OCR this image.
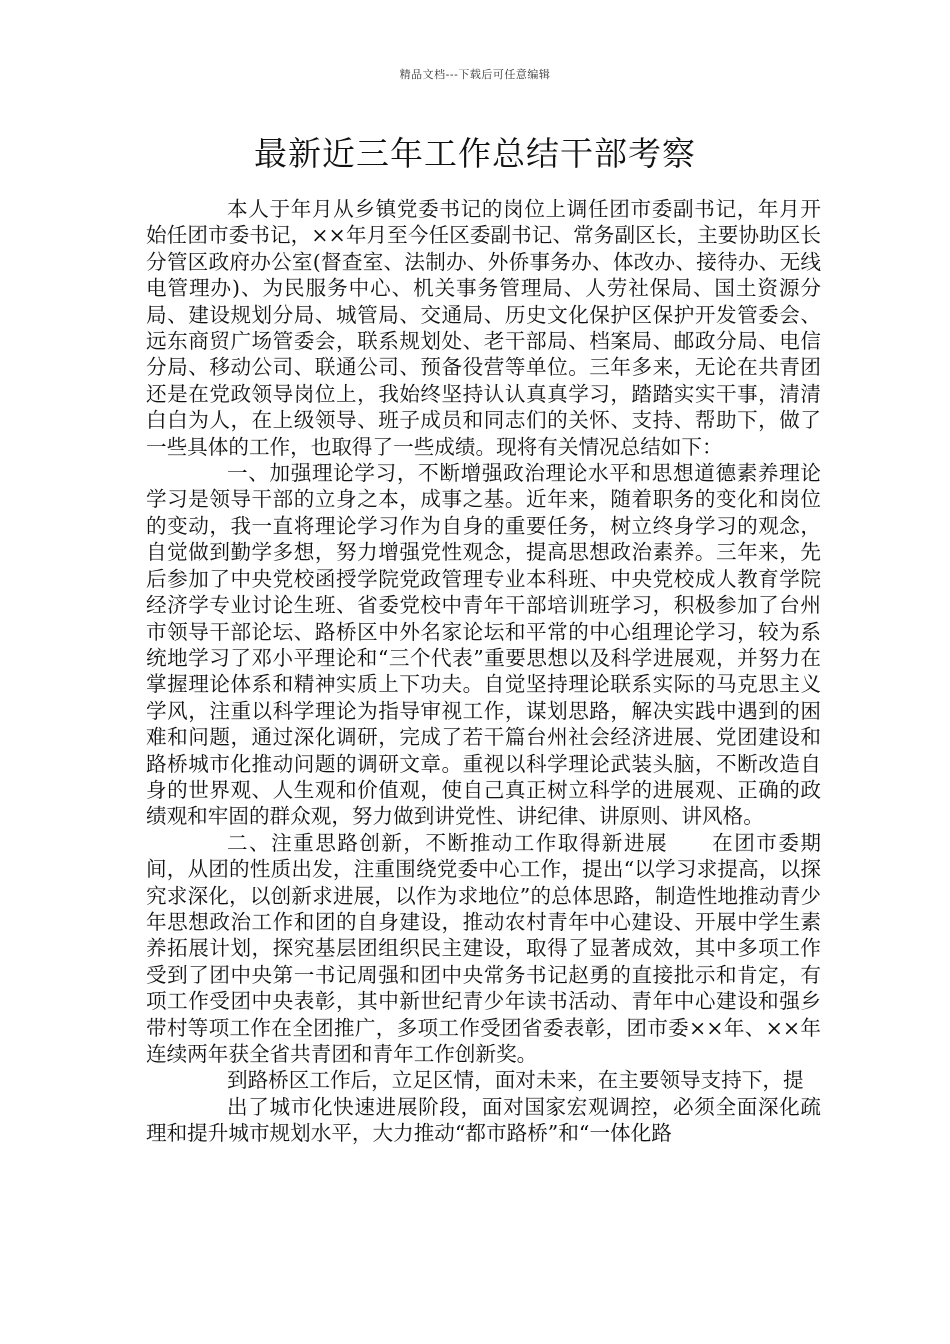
精品文档---下载后可任意编辑
最新近三年工作总结干部考察

本人于年月从乡镇党委书记的岗位上调任团市委副书记，年月开始任团市委书记，××年月至今任区委副书记、常务副区长，主要协助区长分管区政府办公室(督查室、法制办、外侨事务办、体改办、接待办、无线电管理办)、为民服务中心、机关事务管理局、人劳社保局、国土资源分局、建设规划分局、城管局、交通局、历史文化保护区保护开发管委会、远东商贸广场管委会，联系规划处、老干部局、档案局、邮政分局、电信分局、移动公司、联通公司、预备役营等单位。三年多来，无论在共青团还是在党政领导岗位上，我始终坚持认认真真学习，踏踏实实干事，清清白白为人，在上级领导、班子成员和同志们的关怀、支持、帮助下，做了一些具体的工作，也取得了一些成绩。现将有关情况总结如下：

一、加强理论学习，不断增强政治理论水平和思想道德素养理论学习是领导干部的立身之本，成事之基。近年来，随着职务的变化和岗位的变动，我一直将理论学习作为自身的重要任务，树立终身学习的观念，自觉做到勤学多想，努力增强党性观念，提高思想政治素养。三年来，先后参加了中央党校函授学院党政管理专业本科班、中央党校成人教育学院经济学专业讨论生班、省委党校中青年干部培训班学习，积极参加了台州市领导干部论坛、路桥区中外名家论坛和平常的中心组理论学习，较为系统地学习了邓小平理论和“三个代表”重要思想以及科学进展观，并努力在掌握理论体系和精神实质上下功夫。自觉坚持理论联系实际的马克思主义学风，注重以科学理论为指导审视工作，谋划思路，解决实践中遇到的困难和问题，通过深化调研，完成了若干篇台州社会经济进展、党团建设和路桥城市化推动问题的调研文章。重视以科学理论武装头脑，不断改造自身的世界观、人生观和价值观，使自己真正树立科学的进展观、正确的政绩观和牢固的群众观，努力做到讲党性、讲纪律、讲原则、讲风格。

二、注重思路创新，不断推动工作取得新进展　　在团市委期间，从团的性质出发，注重围绕党委中心工作，提出“以学习求提高，以探究求深化，以创新求进展，以作为求地位”的总体思路，制造性地推动青少年思想政治工作和团的自身建设，推动农村青年中心建设、开展中学生素养拓展计划，探究基层团组织民主建设，取得了显著成效，其中多项工作受到了团中央第一书记周强和团中央常务书记赵勇的直接批示和肯定，有项工作受团中央表彰，其中新世纪青少年读书活动、青年中心建设和强乡带村等项工作在全团推广，多项工作受团省委表彰，团市委××年、××年连续两年获全省共青团和青年工作创新奖。

到路桥区工作后，立足区情，面对未来，在主要领导支持下，提

出了城市化快速进展阶段，面对国家宏观调控，必须全面深化疏理和提升城市规划水平，大力推动“都市路桥”和“一体化路
